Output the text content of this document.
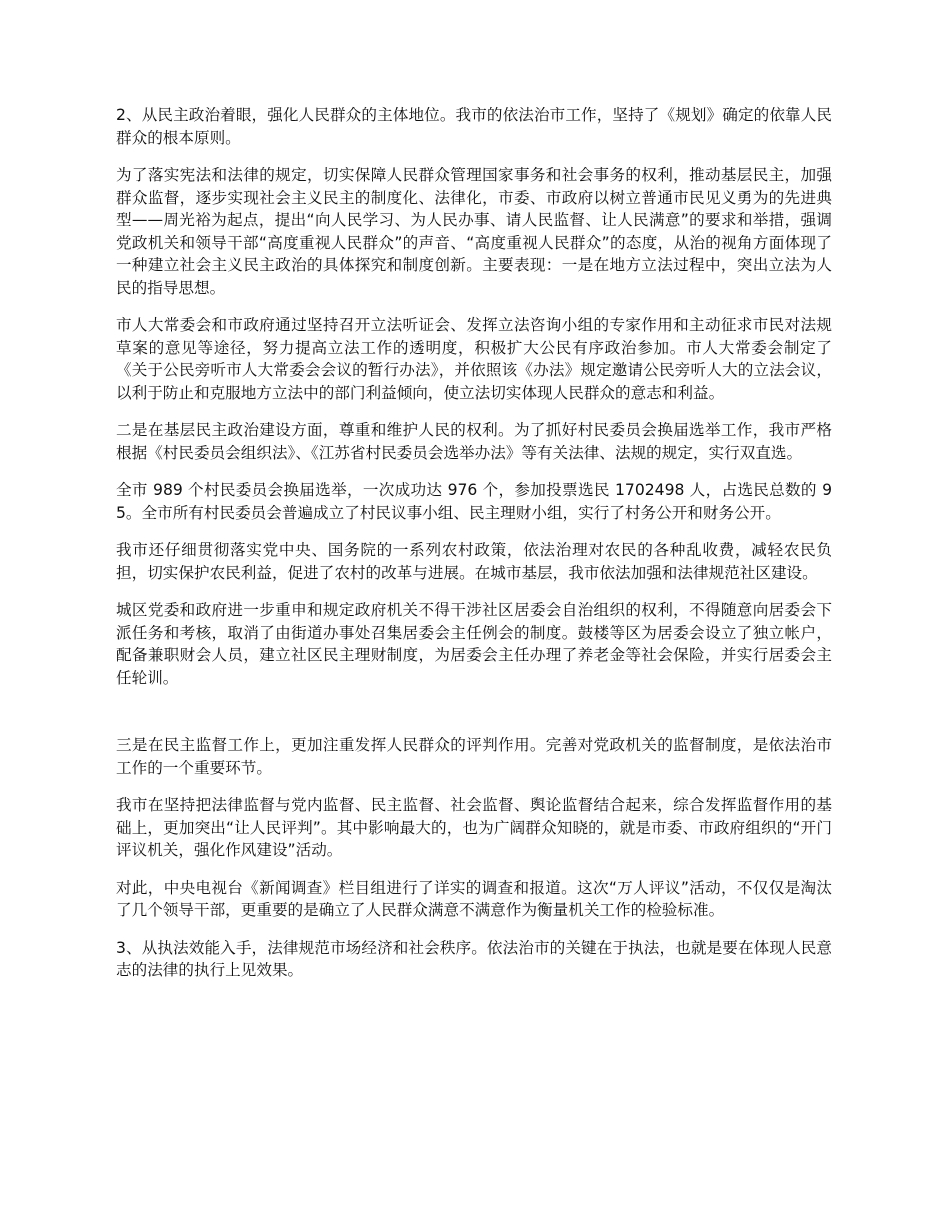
2、从民主政治着眼，强化人民群众的主体地位。我市的依法治市工作，坚持了《规划》确定的依靠人民群众的根本原则。

为了落实宪法和法律的规定，切实保障人民群众管理国家事务和社会事务的权利，推动基层民主，加强群众监督，逐步实现社会主义民主的制度化、法律化，市委、市政府以树立普通市民见义勇为的先进典型——周光裕为起点，提出“向人民学习、为人民办事、请人民监督、让人民满意”的要求和举措，强调党政机关和领导干部“高度重视人民群众”的声音、“高度重视人民群众”的态度，从治的视角方面体现了一种建立社会主义民主政治的具体探究和制度创新。主要表现：一是在地方立法过程中，突出立法为人民的指导思想。

市人大常委会和市政府通过坚持召开立法听证会、发挥立法咨询小组的专家作用和主动征求市民对法规草案的意见等途径，努力提高立法工作的透明度，积极扩大公民有序政治参加。市人大常委会制定了《关于公民旁听市人大常委会会议的暂行办法》，并依照该《办法》规定邀请公民旁听人大的立法会议，以利于防止和克服地方立法中的部门利益倾向，使立法切实体现人民群众的意志和利益。

二是在基层民主政治建设方面，尊重和维护人民的权利。为了抓好村民委员会换届选举工作，我市严格根据《村民委员会组织法》、《江苏省村民委员会选举办法》等有关法律、法规的规定，实行双直选。

全市 989 个村民委员会换届选举，一次成功达 976 个，参加投票选民 1702498 人，占选民总数的 95。全市所有村民委员会普遍成立了村民议事小组、民主理财小组，实行了村务公开和财务公开。

我市还仔细贯彻落实党中央、国务院的一系列农村政策，依法治理对农民的各种乱收费，减轻农民负担，切实保护农民利益，促进了农村的改革与进展。在城市基层，我市依法加强和法律规范社区建设。

城区党委和政府进一步重申和规定政府机关不得干涉社区居委会自治组织的权利，不得随意向居委会下派任务和考核，取消了由街道办事处召集居委会主任例会的制度。鼓楼等区为居委会设立了独立帐户，配备兼职财会人员，建立社区民主理财制度，为居委会主任办理了养老金等社会保险，并实行居委会主任轮训。

三是在民主监督工作上，更加注重发挥人民群众的评判作用。完善对党政机关的监督制度，是依法治市工作的一个重要环节。

我市在坚持把法律监督与党内监督、民主监督、社会监督、舆论监督结合起来，综合发挥监督作用的基础上，更加突出“让人民评判”。其中影响最大的，也为广阔群众知晓的，就是市委、市政府组织的“开门评议机关，强化作风建设”活动。

对此，中央电视台《新闻调查》栏目组进行了详实的调查和报道。这次“万人评议”活动，不仅仅是淘汰了几个领导干部，更重要的是确立了人民群众满意不满意作为衡量机关工作的检验标准。

3、从执法效能入手，法律规范市场经济和社会秩序。依法治市的关键在于执法，也就是要在体现人民意志的法律的执行上见效果。
